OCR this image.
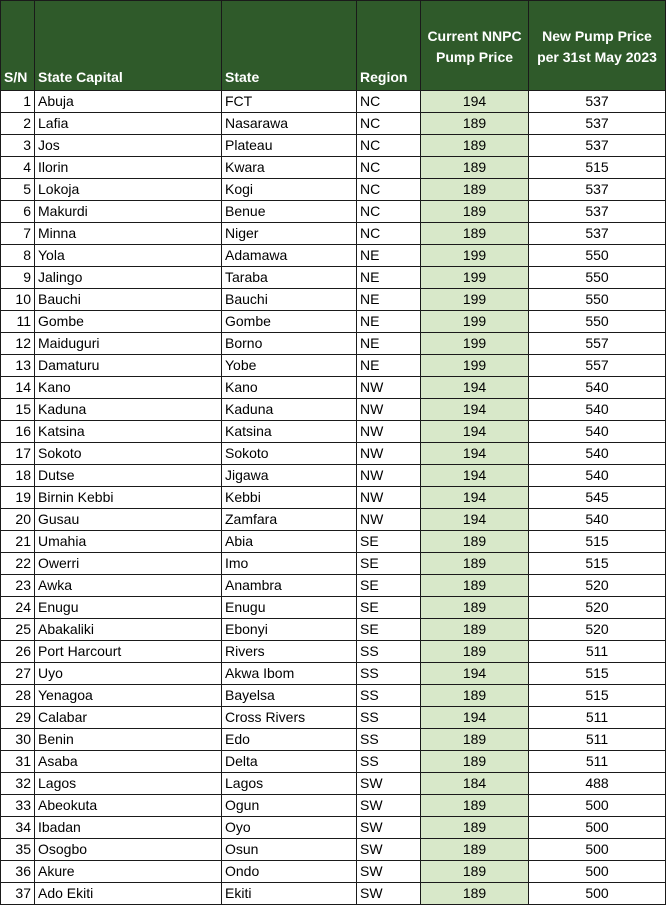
S/N	State Capital	State	Region	Current NNPC Pump Price	New Pump Price per 31st May 2023
1	Abuja	FCT	NC	194	537
2	Lafia	Nasarawa	NC	189	537
3	Jos	Plateau	NC	189	537
4	Ilorin	Kwara	NC	189	515
5	Lokoja	Kogi	NC	189	537
6	Makurdi	Benue	NC	189	537
7	Minna	Niger	NC	189	537
8	Yola	Adamawa	NE	199	550
9	Jalingo	Taraba	NE	199	550
10	Bauchi	Bauchi	NE	199	550
11	Gombe	Gombe	NE	199	550
12	Maiduguri	Borno	NE	199	557
13	Damaturu	Yobe	NE	199	557
14	Kano	Kano	NW	194	540
15	Kaduna	Kaduna	NW	194	540
16	Katsina	Katsina	NW	194	540
17	Sokoto	Sokoto	NW	194	540
18	Dutse	Jigawa	NW	194	540
19	Birnin Kebbi	Kebbi	NW	194	545
20	Gusau	Zamfara	NW	194	540
21	Umahia	Abia	SE	189	515
22	Owerri	Imo	SE	189	515
23	Awka	Anambra	SE	189	520
24	Enugu	Enugu	SE	189	520
25	Abakaliki	Ebonyi	SE	189	520
26	Port Harcourt	Rivers	SS	189	511
27	Uyo	Akwa Ibom	SS	194	515
28	Yenagoa	Bayelsa	SS	189	515
29	Calabar	Cross Rivers	SS	194	511
30	Benin	Edo	SS	189	511
31	Asaba	Delta	SS	189	511
32	Lagos	Lagos	SW	184	488
33	Abeokuta	Ogun	SW	189	500
34	Ibadan	Oyo	SW	189	500
35	Osogbo	Osun	SW	189	500
36	Akure	Ondo	SW	189	500
37	Ado Ekiti	Ekiti	SW	189	500
